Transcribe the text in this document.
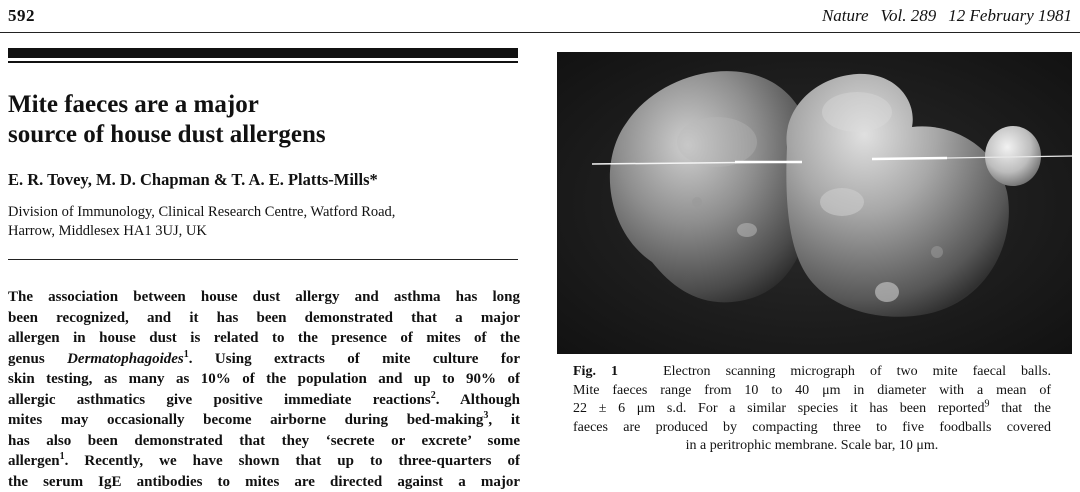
592	Nature Vol. 289 12 February 1981
Mite faeces are a major
source of house dust allergens
E. R. Tovey, M. D. Chapman & T. A. E. Platts-Mills*
Division of Immunology, Clinical Research Centre, Watford Road,
Harrow, Middlesex HA1 3UJ, UK
The association between house dust allergy and asthma has long
been recognized, and it has been demonstrated that a major
allergen in house dust is related to the presence of mites of the
genus Dermatophagoides$^1$. Using extracts of mite culture for
skin testing, as many as 10% of the population and up to 90% of
allergic asthmatics give positive immediate reactions$^2$. Although
mites may occasionally become airborne during bed-making$^3$, it
has also been demonstrated that they ‘secrete or excrete’ some
allergen$^1$. Recently, we have shown that up to three-quarters of
the serum IgE antibodies to mites are directed against a major
Fig. 1	Electron scanning micrograph of two mite faecal balls.
Mite faeces range from 10 to 40 μm in diameter with a mean of
22 ± 6 μm s.d. For a similar species it has been reported$^9$ that the
faeces are produced by compacting three to five foodballs covered
in a peritrophic membrane. Scale bar, 10 μm.
